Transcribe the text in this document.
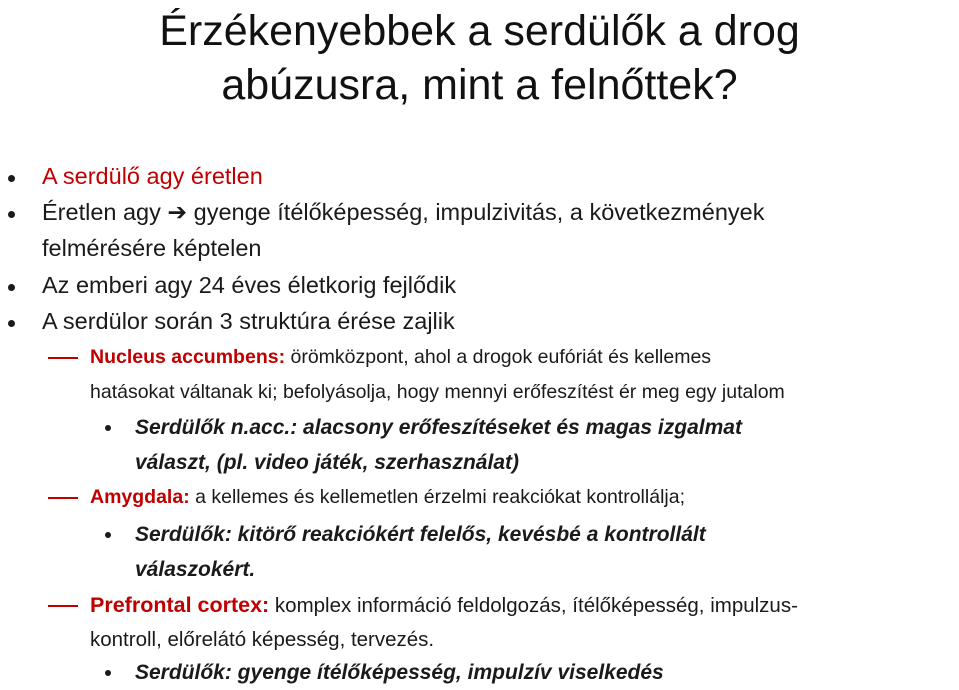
Érzékenyebbek a serdülők a drog
abúzusra, mint a felnőttek?
A serdülő agy éretlen
Éretlen agy ➔ gyenge ítélőképesség, impulzivitás, a következmények
felmérésére képtelen
Az emberi agy 24 éves életkorig fejlődik
A serdülor során 3 struktúra érése zajlik
Nucleus accumbens: örömközpont, ahol a drogok eufóriát és kellemes
hatásokat váltanak ki; befolyásolja, hogy mennyi erőfeszítést ér meg egy jutalom
Serdülők n.acc.: alacsony erőfeszítéseket és magas izgalmat
választ, (pl. video játék, szerhasználat)
Amygdala: a kellemes és kellemetlen érzelmi reakciókat kontrollálja;
Serdülők: kitörő reakciókért felelős, kevésbé a kontrollált
válaszokért.
Prefrontal cortex: komplex információ feldolgozás, ítélőképesség, impulzus-
kontroll, előrelátó képesség, tervezés.
Serdülők: gyenge ítélőképesség, impulzív viselkedés
